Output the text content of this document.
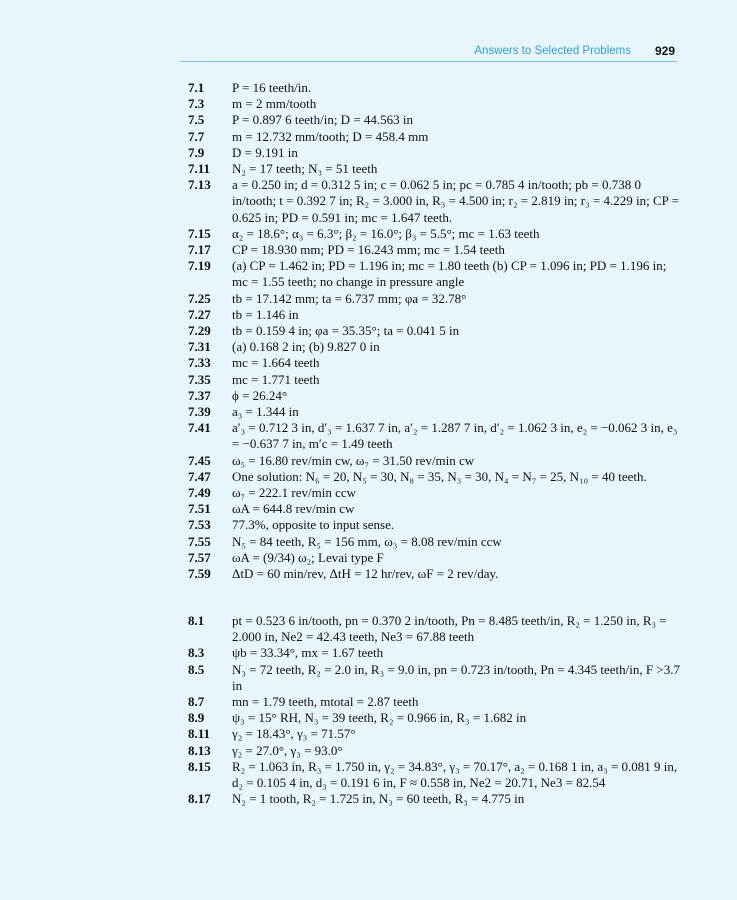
Answers to Selected Problems 929
7.1	P = 16 teeth/in.
7.3	m = 2 mm/tooth
7.5	P = 0.897 6 teeth/in; D = 44.563 in
7.7	m = 12.732 mm/tooth; D = 458.4 mm
7.9	D = 9.191 in
7.11	N₂ = 17 teeth; N₃ = 51 teeth
7.13	a = 0.250 in; d = 0.312 5 in; c = 0.062 5 in; pc = 0.785 4 in/tooth; pb = 0.738 0 in/tooth; t = 0.392 7 in; R₂ = 3.000 in, R₃ = 4.500 in; r₂ = 2.819 in; r₃ = 4.229 in; CP = 0.625 in; PD = 0.591 in; mc = 1.647 teeth.
7.15	α₂ = 18.6°; α₃ = 6.3°; β₂ = 16.0°; β₃ = 5.5°; mc = 1.63 teeth
7.17	CP = 18.930 mm; PD = 16.243 mm; mc = 1.54 teeth
7.19	(a) CP = 1.462 in; PD = 1.196 in; mc = 1.80 teeth (b) CP = 1.096 in; PD = 1.196 in; mc = 1.55 teeth; no change in pressure angle
7.25	tb = 17.142 mm; ta = 6.737 mm; φa = 32.78°
7.27	tb = 1.146 in
7.29	tb = 0.159 4 in; φa = 35.35°; ta = 0.041 5 in
7.31	(a) 0.168 2 in; (b) 9.827 0 in
7.33	mc = 1.664 teeth
7.35	mc = 1.771 teeth
7.37	ϕ = 26.24°
7.39	a₃ = 1.344 in
7.41	a′₃ = 0.712 3 in, d′₃ = 1.637 7 in, a′₂ = 1.287 7 in, d′₂ = 1.062 3 in, e₂ = −0.062 3 in, e₃ = −0.637 7 in, m′c = 1.49 teeth
7.45	ω₅ = 16.80 rev/min cw, ω₇ = 31.50 rev/min cw
7.47	One solution: N₆ = 20, N₅ = 30, N₈ = 35, N₃ = 30, N₄ = N₇ = 25, N₁₀ = 40 teeth.
7.49	ω₇ = 222.1 rev/min ccw
7.51	ωA = 644.8 rev/min cw
7.53	77.3%, opposite to input sense.
7.55	N₅ = 84 teeth, R₅ = 156 mm, ω₃ = 8.08 rev/min ccw
7.57	ωA = (9/34) ω₂; Levai type F
7.59	ΔtD = 60 min/rev, ΔtH = 12 hr/rev, ωF = 2 rev/day.
8.1	pt = 0.523 6 in/tooth, pn = 0.370 2 in/tooth, Pn = 8.485 teeth/in, R₂ = 1.250 in, R₃ = 2.000 in, Ne2 = 42.43 teeth, Ne3 = 67.88 teeth
8.3	ψb = 33.34°, mx = 1.67 teeth
8.5	N₃ = 72 teeth, R₂ = 2.0 in, R₃ = 9.0 in, pn = 0.723 in/tooth, Pn = 4.345 teeth/in, F >3.7 in
8.7	mn = 1.79 teeth, mtotal = 2.87 teeth
8.9	ψ₃ = 15° RH, N₃ = 39 teeth, R₂ = 0.966 in, R₃ = 1.682 in
8.11	γ₂ = 18.43°, γ₃ = 71.57°
8.13	γ₂ = 27.0°, γ₃ = 93.0°
8.15	R₂ = 1.063 in, R₃ = 1.750 in, γ₂ = 34.83°, γ₃ = 70.17°, a₂ = 0.168 1 in, a₃ = 0.081 9 in, d₂ = 0.105 4 in, d₃ = 0.191 6 in, F ≈ 0.558 in, Ne2 = 20.71, Ne3 = 82.54
8.17	N₂ = 1 tooth, R₂ = 1.725 in, N₃ = 60 teeth, R₃ = 4.775 in
